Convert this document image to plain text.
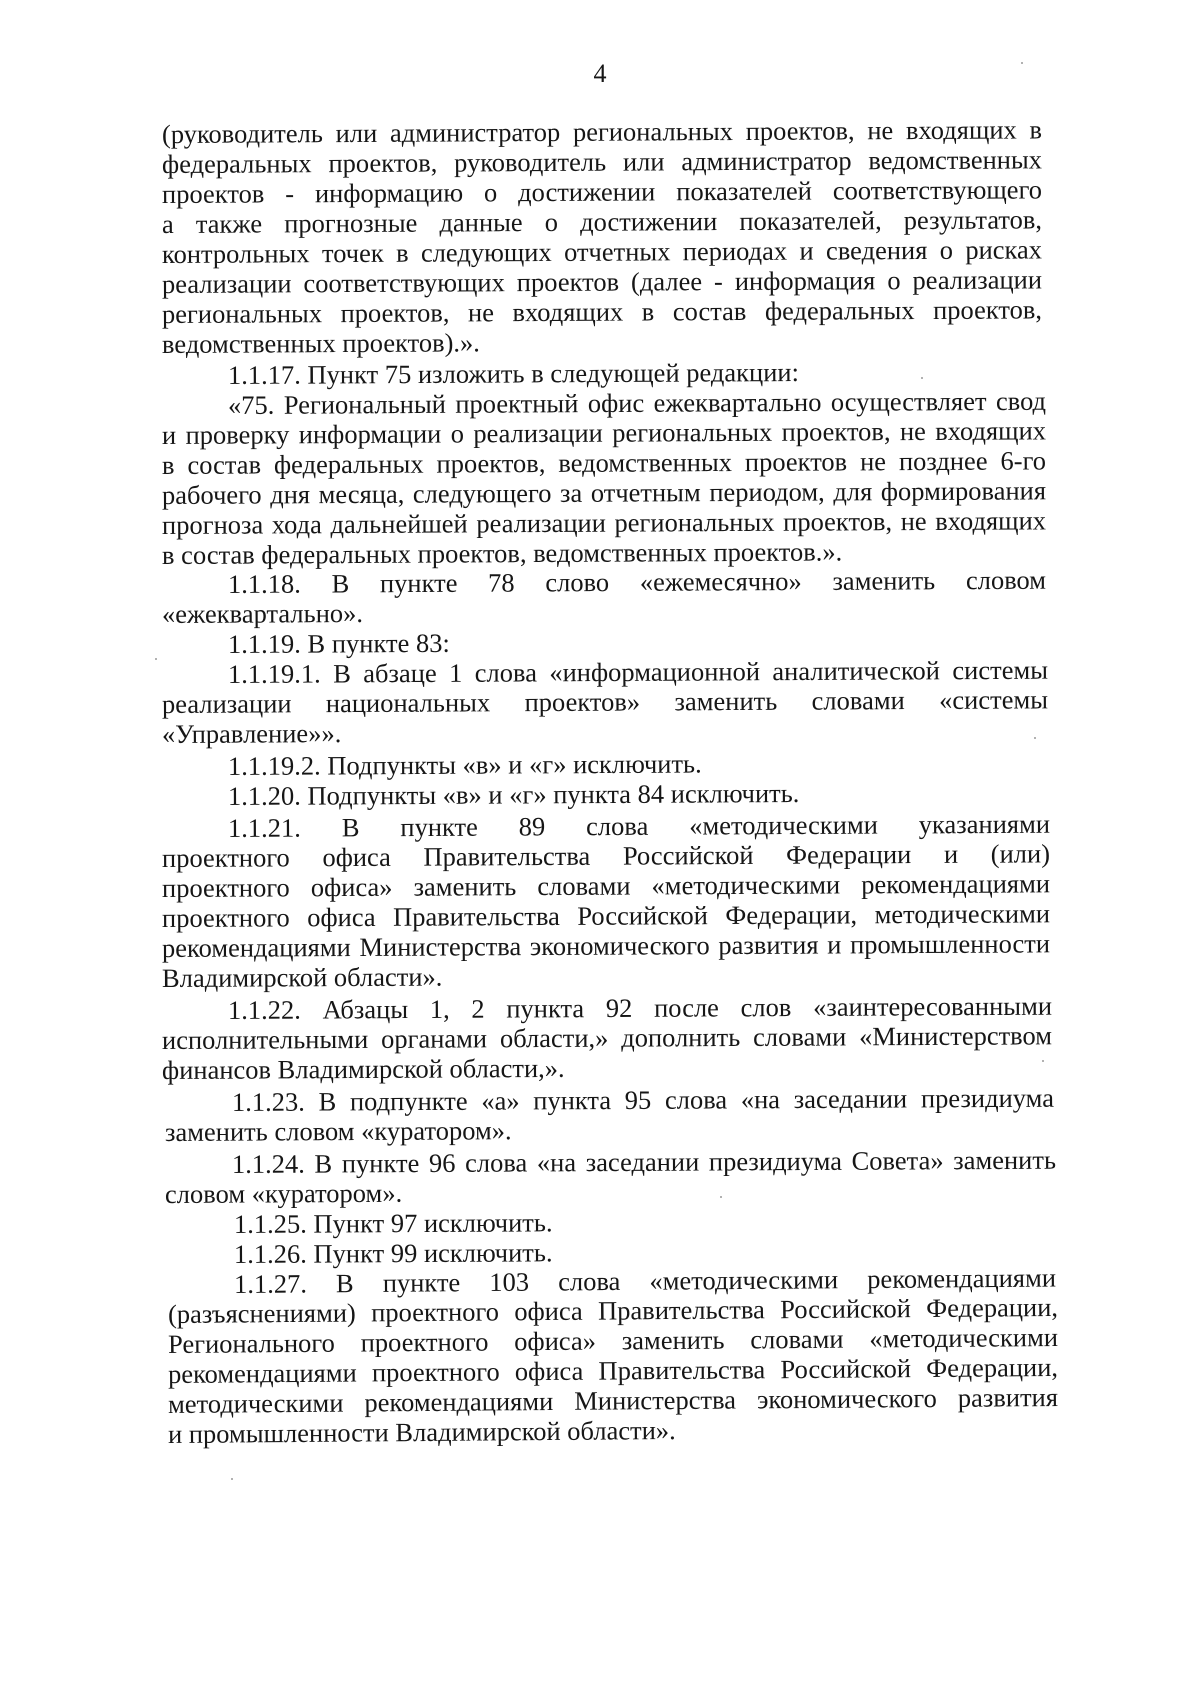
4
(руководитель или администратор региональных проектов, не входящих в
федеральных проектов, руководитель или администратор ведомственных
проектов - информацию о достижении показателей соответствующего
а также прогнозные данные о достижении показателей, результатов,
контрольных точек в следующих отчетных периодах и сведения о рисках
реализации соответствующих проектов (далее - информация о реализации
региональных проектов, не входящих в состав федеральных проектов,
ведомственных проектов).».
1.1.17. Пункт 75 изложить в следующей редакции:
«75. Региональный проектный офис ежеквартально осуществляет свод
и проверку информации о реализации региональных проектов, не входящих
в состав федеральных проектов, ведомственных проектов не позднее 6-го
рабочего дня месяца, следующего за отчетным периодом, для формирования
прогноза хода дальнейшей реализации региональных проектов, не входящих
в состав федеральных проектов, ведомственных проектов.».
1.1.18. В пункте 78 слово «ежемесячно» заменить словом
«ежеквартально».
1.1.19. В пункте 83:
1.1.19.1. В абзаце 1 слова «информационной аналитической системы
реализации национальных проектов» заменить словами «системы
«Управление»».
1.1.19.2. Подпункты «в» и «г» исключить.
1.1.20. Подпункты «в» и «г» пункта 84 исключить.
1.1.21. В пункте 89 слова «методическими указаниями
проектного офиса Правительства Российской Федерации и (или)
проектного офиса» заменить словами «методическими рекомендациями
проектного офиса Правительства Российской Федерации, методическими
рекомендациями Министерства экономического развития и промышленности
Владимирской области».
1.1.22. Абзацы 1, 2 пункта 92 после слов «заинтересованными
исполнительными органами области,» дополнить словами «Министерством
финансов Владимирской области,».
1.1.23. В подпункте «а» пункта 95 слова «на заседании президиума
заменить словом «куратором».
1.1.24. В пункте 96 слова «на заседании президиума Совета» заменить
словом «куратором».
1.1.25. Пункт 97 исключить.
1.1.26. Пункт 99 исключить.
1.1.27. В пункте 103 слова «методическими рекомендациями
(разъяснениями) проектного офиса Правительства Российской Федерации,
Регионального проектного офиса» заменить словами «методическими
рекомендациями проектного офиса Правительства Российской Федерации,
методическими рекомендациями Министерства экономического развития
и промышленности Владимирской области».
